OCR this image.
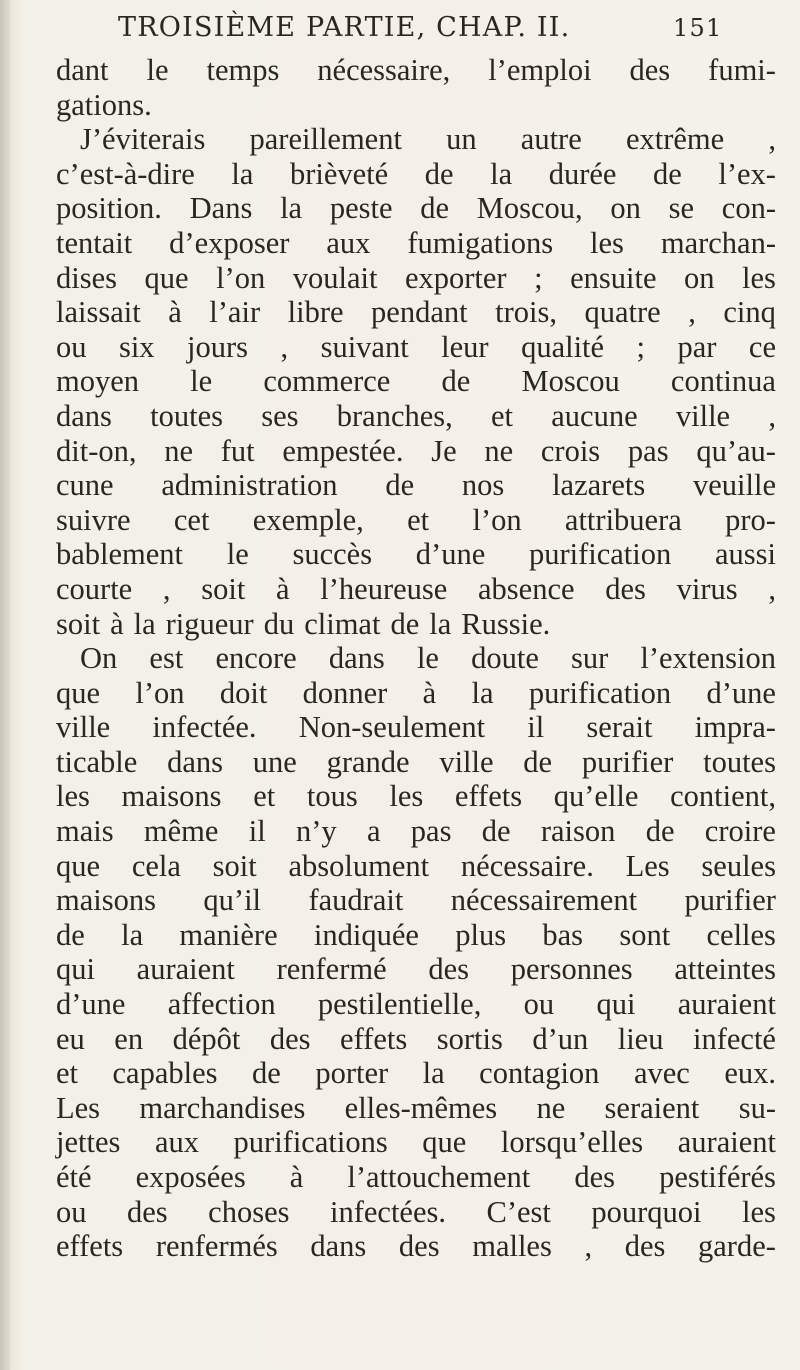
TROISIÈME PARTIE, CHAP. II.	151
dant le temps nécessaire, l’emploi des fumi-
gations.
J’éviterais pareillement un autre extrême ,
c’est-à-dire la brièveté de la durée de l’ex-
position. Dans la peste de Moscou, on se con-
tentait d’exposer aux fumigations les marchan-
dises que l’on voulait exporter ; ensuite on les
laissait à l’air libre pendant trois, quatre , cinq
ou six jours , suivant leur qualité ; par ce
moyen le commerce de Moscou continua
dans toutes ses branches, et aucune ville ,
dit-on, ne fut empestée. Je ne crois pas qu’au-
cune administration de nos lazarets veuille
suivre cet exemple, et l’on attribuera pro-
bablement le succès d’une purification aussi
courte , soit à l’heureuse absence des virus ,
soit à la rigueur du climat de la Russie.
On est encore dans le doute sur l’extension
que l’on doit donner à la purification d’une
ville infectée. Non-seulement il serait impra-
ticable dans une grande ville de purifier toutes
les maisons et tous les effets qu’elle contient,
mais même il n’y a pas de raison de croire
que cela soit absolument nécessaire. Les seules
maisons qu’il faudrait nécessairement purifier
de la manière indiquée plus bas sont celles
qui auraient renfermé des personnes atteintes
d’une affection pestilentielle, ou qui auraient
eu en dépôt des effets sortis d’un lieu infecté
et capables de porter la contagion avec eux.
Les marchandises elles-mêmes ne seraient su-
jettes aux purifications que lorsqu’elles auraient
été exposées à l’attouchement des pestiférés
ou des choses infectées. C’est pourquoi les
effets renfermés dans des malles , des garde-
